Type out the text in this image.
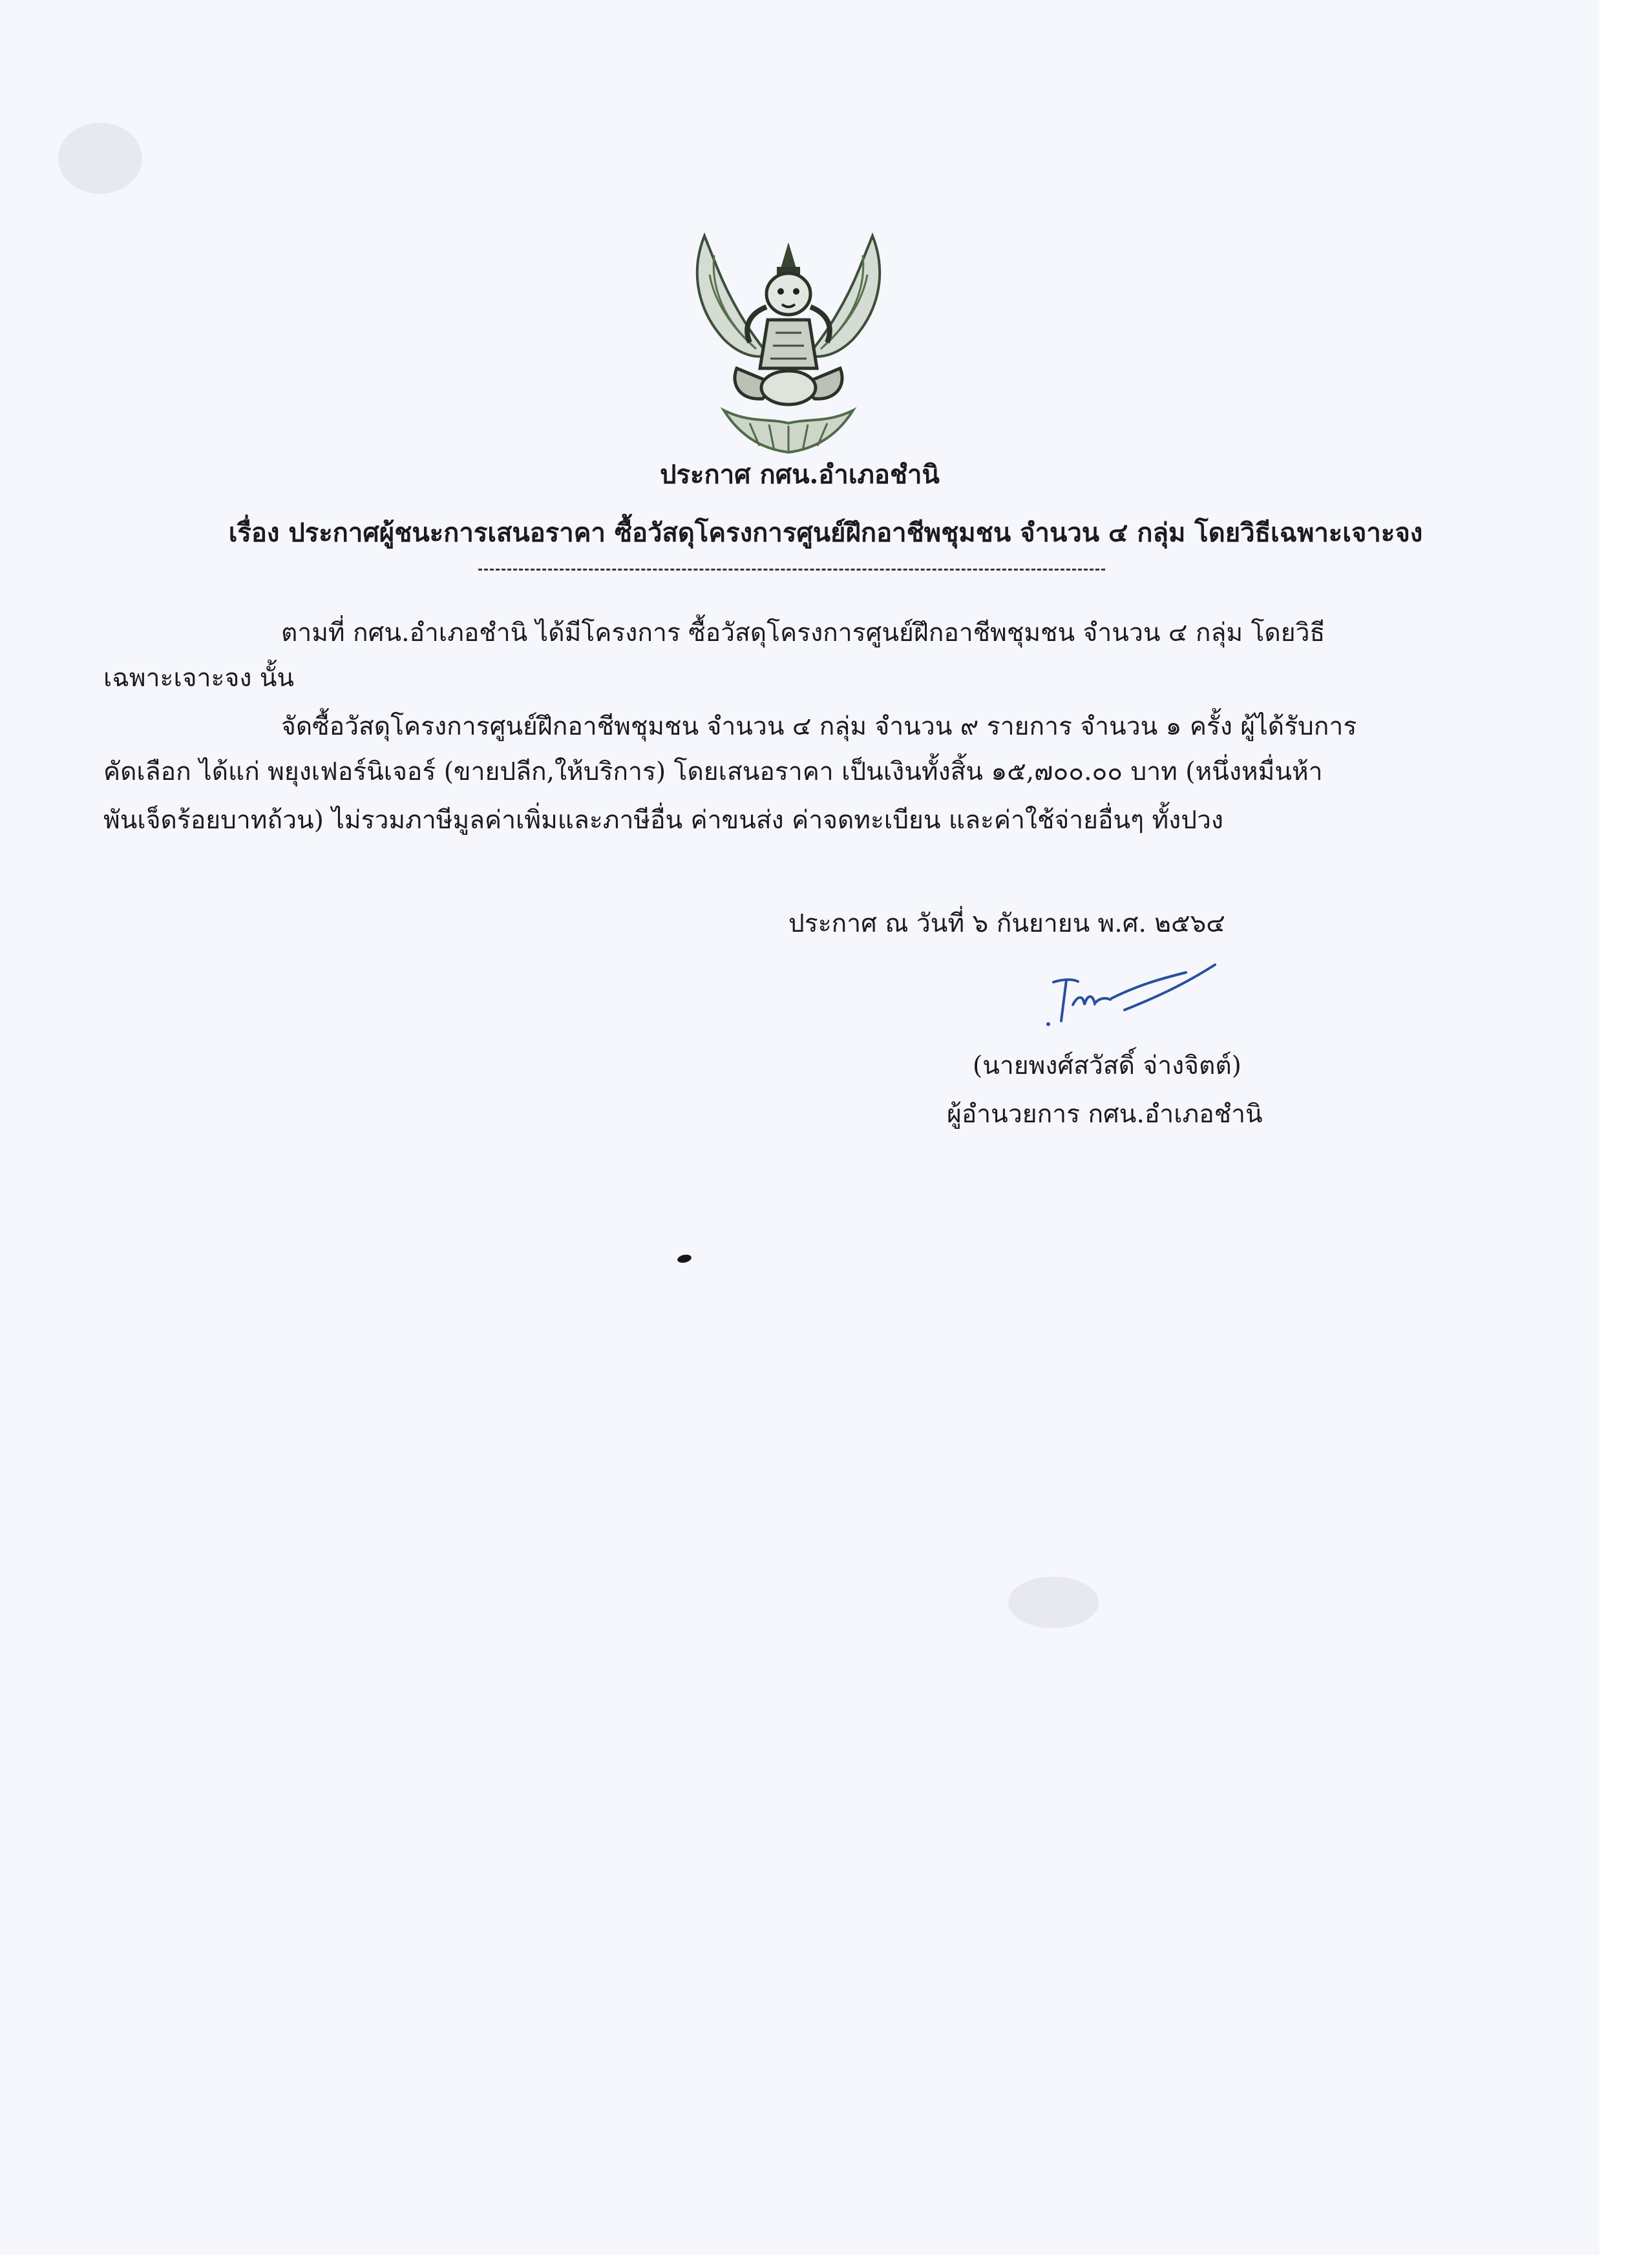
ประกาศ กศน.อำเภอชำนิ
เรื่อง ประกาศผู้ชนะการเสนอราคา ซื้อวัสดุโครงการศูนย์ฝึกอาชีพชุมชน จำนวน ๔ กลุ่ม โดยวิธีเฉพาะเจาะจง
ตามที่ กศน.อำเภอชำนิ ได้มีโครงการ ซื้อวัสดุโครงการศูนย์ฝึกอาชีพชุมชน จำนวน ๔ กลุ่ม โดยวิธี
เฉพาะเจาะจง นั้น
จัดซื้อวัสดุโครงการศูนย์ฝึกอาชีพชุมชน จำนวน ๔ กลุ่ม จำนวน ๙ รายการ จำนวน ๑ ครั้ง ผู้ได้รับการ
คัดเลือก ได้แก่ พยุงเฟอร์นิเจอร์ (ขายปลีก,ให้บริการ) โดยเสนอราคา เป็นเงินทั้งสิ้น ๑๕,๗๐๐.๐๐ บาท (หนึ่งหมื่นห้า
พันเจ็ดร้อยบาทถ้วน) ไม่รวมภาษีมูลค่าเพิ่มและภาษีอื่น ค่าขนส่ง ค่าจดทะเบียน และค่าใช้จ่ายอื่นๆ ทั้งปวง
ประกาศ ณ วันที่ ๖ กันยายน พ.ศ. ๒๕๖๔
(นายพงศ์สวัสดิ์ จ่างจิตต์)
ผู้อำนวยการ กศน.อำเภอชำนิ
